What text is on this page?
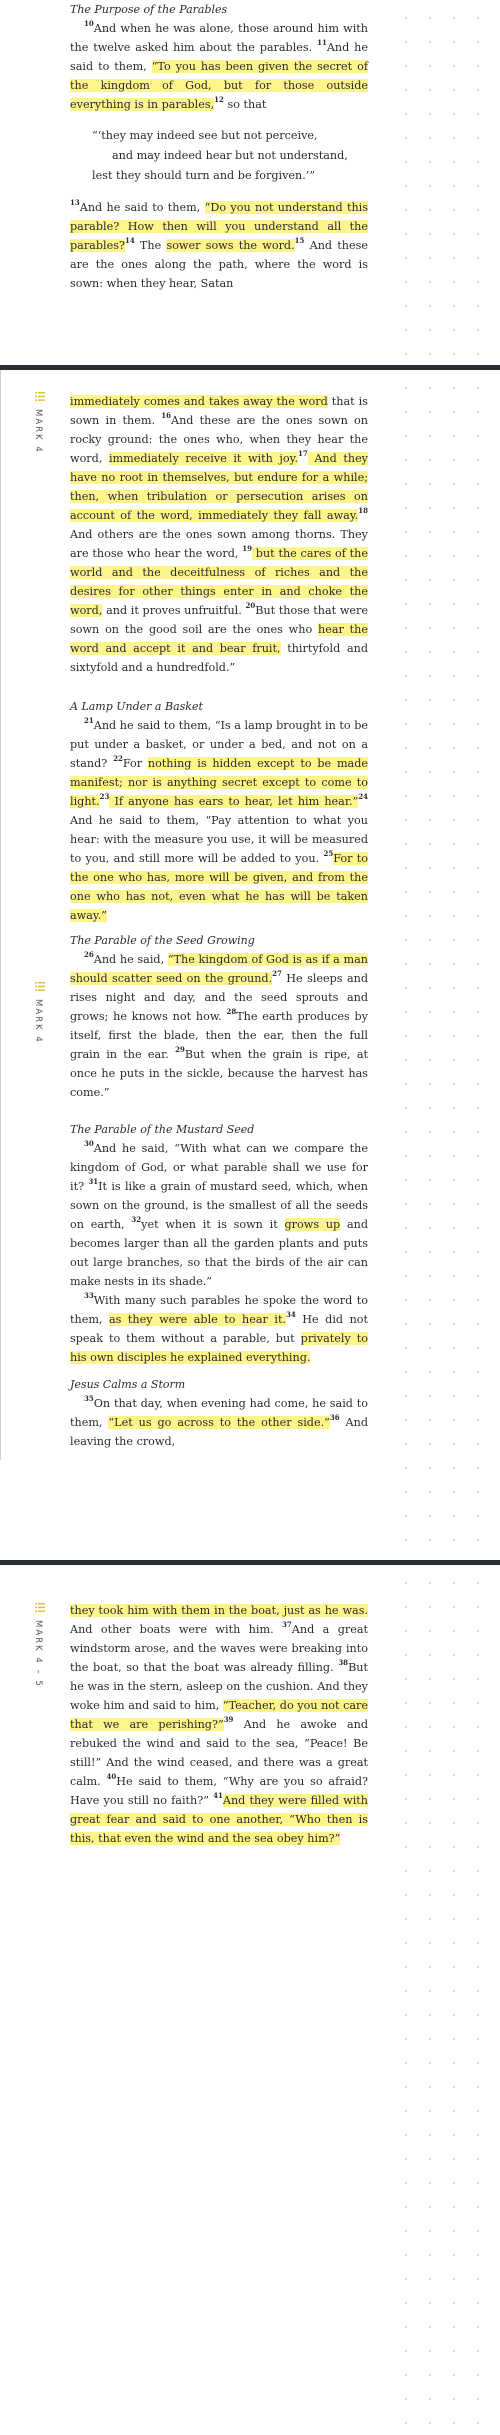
The Purpose of the Parables

$^{10}$And when he was alone, those around him with the twelve asked him about the parables. $^{11}$And he said to them, “To you has been given the secret of the kingdom of God, but for those outside everything is in parables,$^{12}$ so that

“‘they may indeed see but not perceive,
and may indeed hear but not understand,
lest they should turn and be forgiven.’”

$^{13}$And he said to them, “Do you not understand this parable? How then will you understand all the parables?$^{14}$ The sower sows the word.$^{15}$ And these are the ones along the path, where the word is sown: when they hear, Satan

MARK 4
MARK 4

immediately comes and takes away the word that is sown in them. $^{16}$And these are the ones sown on rocky ground: the ones who, when they hear the word, immediately receive it with joy.$^{17}$ And they have no root in themselves, but endure for a while; then, when tribulation or persecution arises on account of the word, immediately they fall away.$^{18}$ And others are the ones sown among thorns. They are those who hear the word, $^{19}$ but the cares of the world and the deceitfulness of riches and the desires for other things enter in and choke the word, and it proves unfruitful. $^{20}$But those that were sown on the good soil are the ones who hear the word and accept it and bear fruit, thirtyfold and sixtyfold and a hundredfold.”

A Lamp Under a Basket

$^{21}$And he said to them, “Is a lamp brought in to be put under a basket, or under a bed, and not on a stand? $^{22}$For nothing is hidden except to be made manifest; nor is anything secret except to come to light.$^{23}$ If anyone has ears to hear, let him hear.”$^{24}$ And he said to them, “Pay attention to what you hear: with the measure you use, it will be measured to you, and still more will be added to you. $^{25}$For to the one who has, more will be given, and from the one who has not, even what he has will be taken away.”

The Parable of the Seed Growing

$^{26}$And he said, “The kingdom of God is as if a man should scatter seed on the ground.$^{27}$ He sleeps and rises night and day, and the seed sprouts and grows; he knows not how. $^{28}$The earth produces by itself, first the blade, then the ear, then the full grain in the ear. $^{29}$But when the grain is ripe, at once he puts in the sickle, because the harvest has come.”

The Parable of the Mustard Seed

$^{30}$And he said, “With what can we compare the kingdom of God, or what parable shall we use for it? $^{31}$It is like a grain of mustard seed, which, when sown on the ground, is the smallest of all the seeds on earth, $^{32}$yet when it is sown it grows up and becomes larger than all the garden plants and puts out large branches, so that the birds of the air can make nests in its shade.”

$^{33}$With many such parables he spoke the word to them, as they were able to hear it.$^{34}$ He did not speak to them without a parable, but privately to his own disciples he explained everything.

Jesus Calms a Storm

$^{35}$On that day, when evening had come, he said to them, “Let us go across to the other side.”$^{36}$ And leaving the crowd,

MARK 4 – 5

they took him with them in the boat, just as he was. And other boats were with him. $^{37}$And a great windstorm arose, and the waves were breaking into the boat, so that the boat was already filling. $^{38}$But he was in the stern, asleep on the cushion. And they woke him and said to him, “Teacher, do you not care that we are perishing?”$^{39}$ And he awoke and rebuked the wind and said to the sea, “Peace! Be still!” And the wind ceased, and there was a great calm. $^{40}$He said to them, “Why are you so afraid? Have you still no faith?” $^{41}$And they were filled with great fear and said to one another, “Who then is this, that even the wind and the sea obey him?”
